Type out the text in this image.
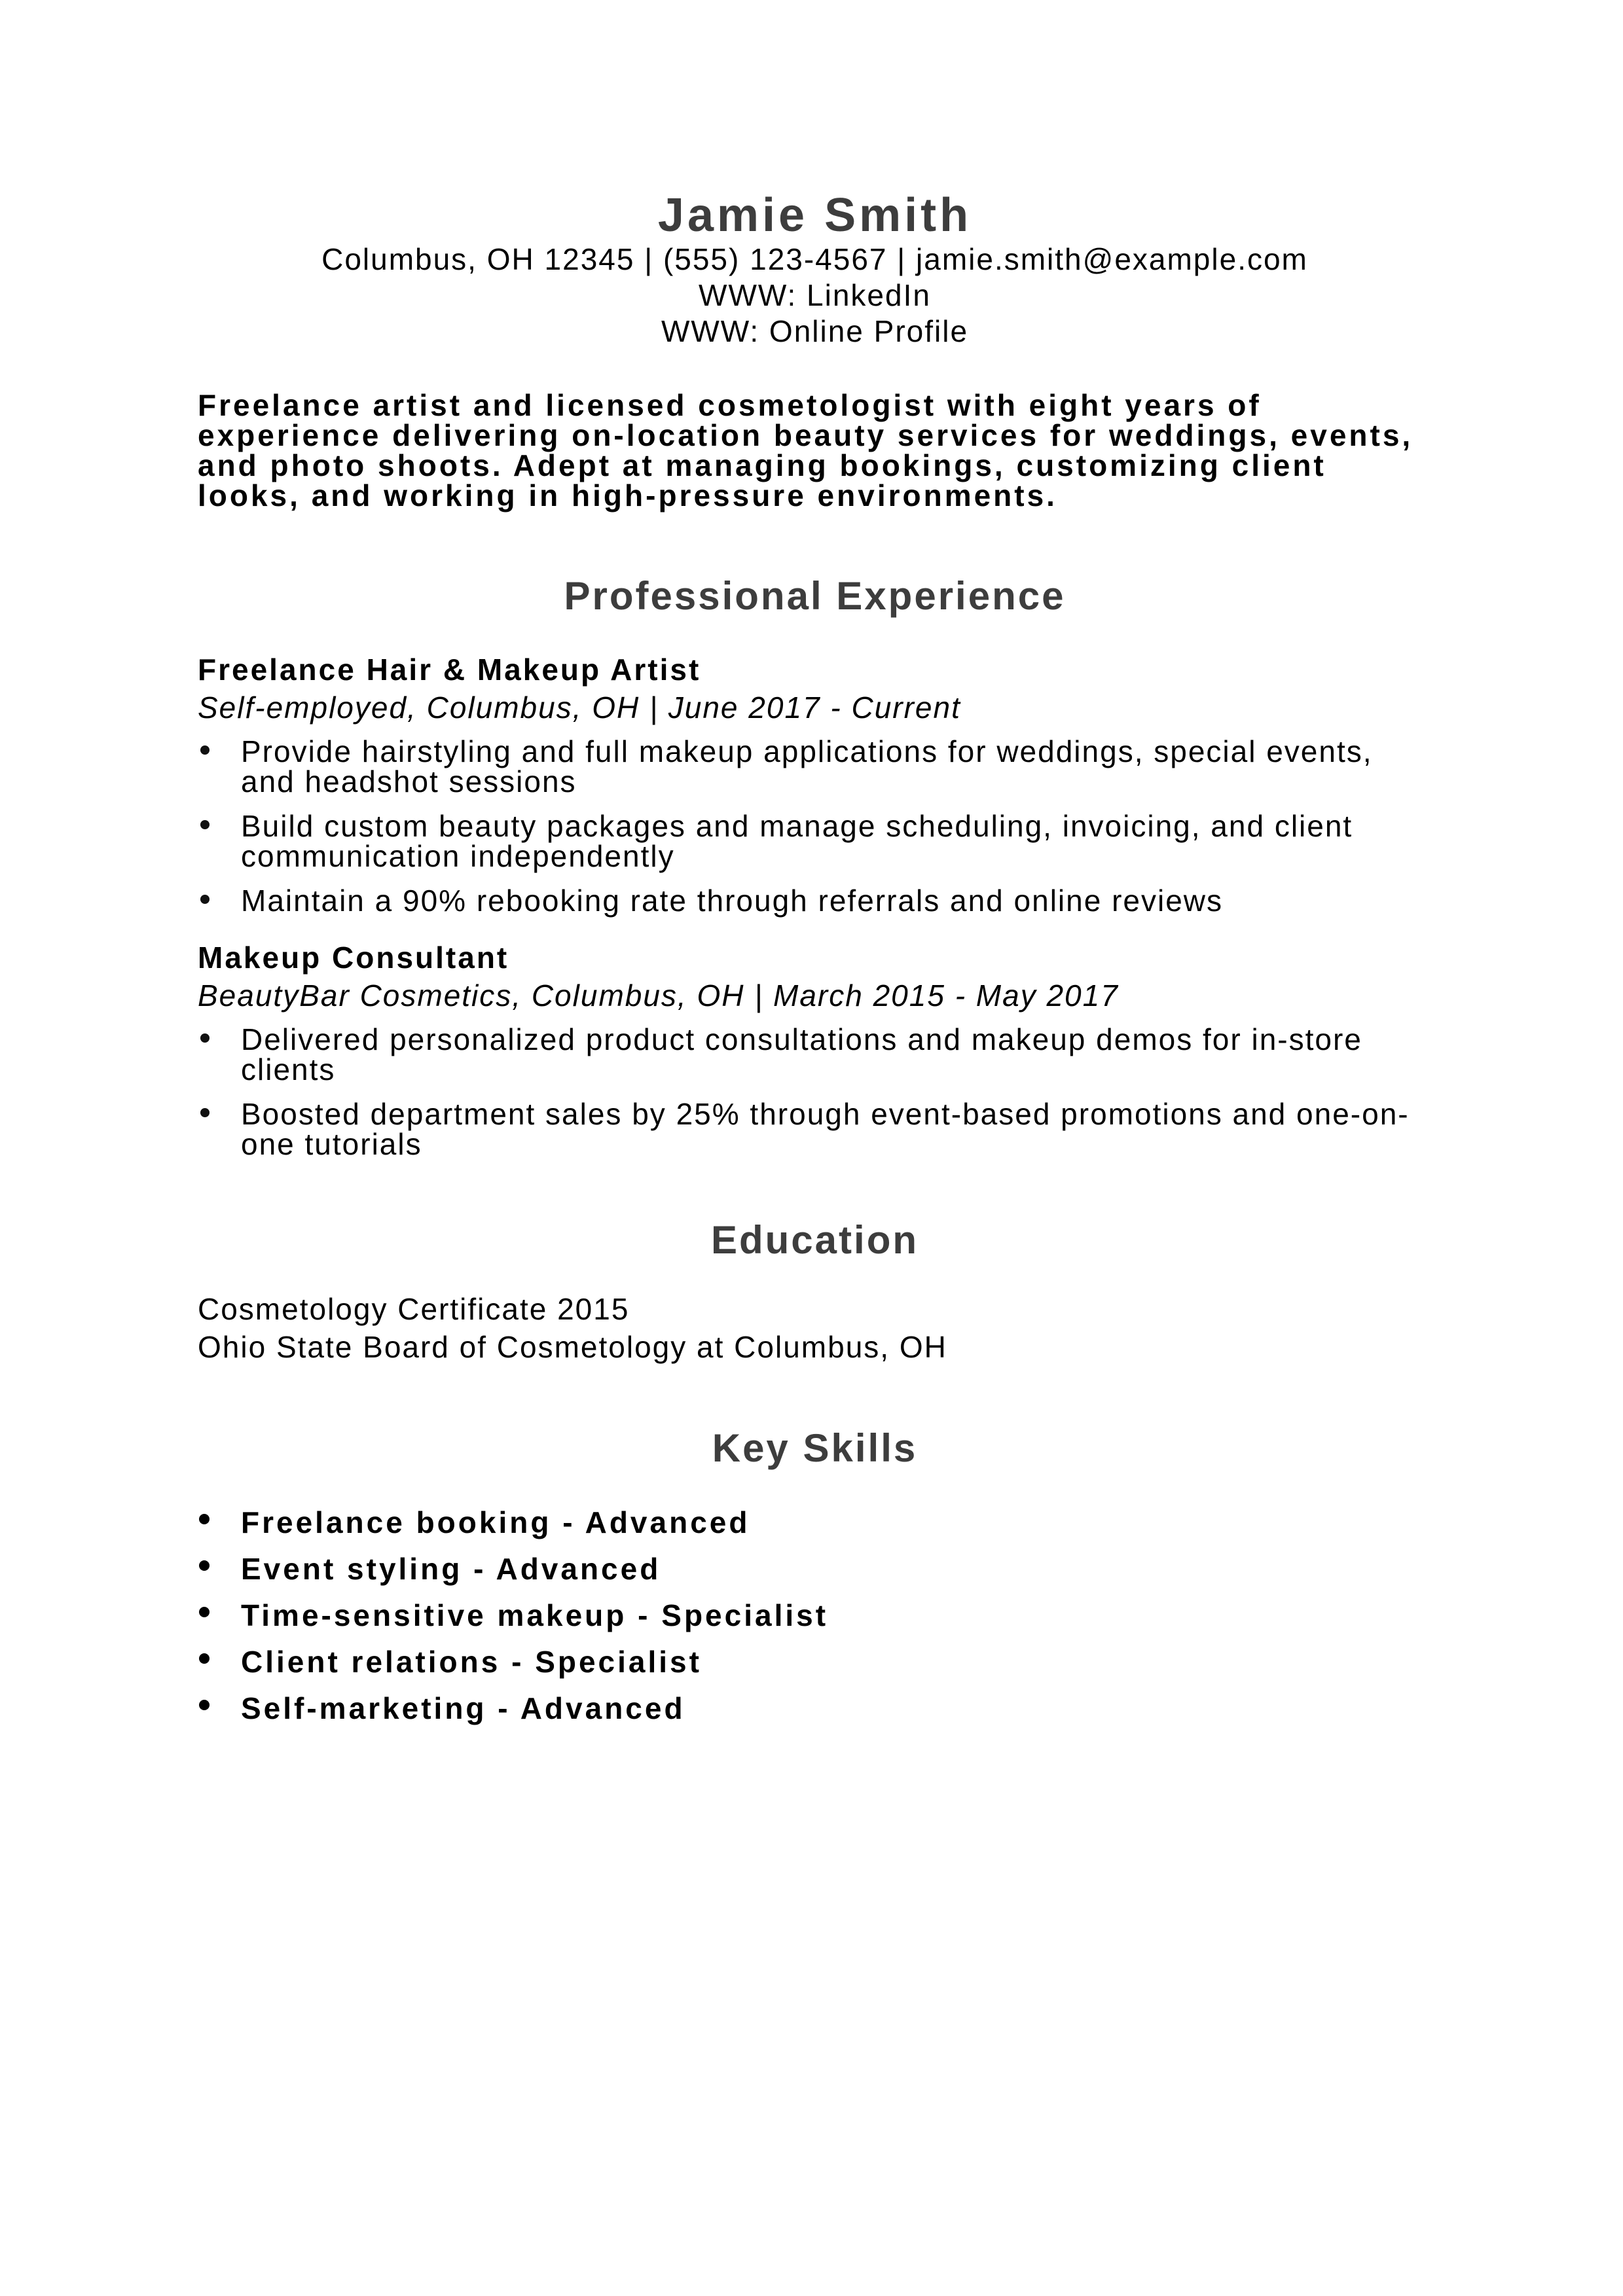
Jamie Smith

Columbus, OH 12345 | (555) 123-4567 | jamie.smith@example.com

WWW: LinkedIn

WWW: Online Profile

Freelance artist and licensed cosmetologist with eight years of experience delivering on-location beauty services for weddings, events, and photo shoots. Adept at managing bookings, customizing client looks, and working in high-pressure environments.
Professional Experience
Freelance Hair & Makeup Artist
Self-employed, Columbus, OH | June 2017 - Current
Provide hairstyling and full makeup applications for weddings, special events, and headshot sessions
Build custom beauty packages and manage scheduling, invoicing, and client communication independently
Maintain a 90% rebooking rate through referrals and online reviews
Makeup Consultant
BeautyBar Cosmetics, Columbus, OH | March 2015 - May 2017
Delivered personalized product consultations and makeup demos for in-store clients
Boosted department sales by 25% through event-based promotions and one-on-one tutorials
Education
Cosmetology Certificate 2015
Ohio State Board of Cosmetology at Columbus, OH
Key Skills
Freelance booking - Advanced
Event styling - Advanced
Time-sensitive makeup - Specialist
Client relations - Specialist
Self-marketing - Advanced
